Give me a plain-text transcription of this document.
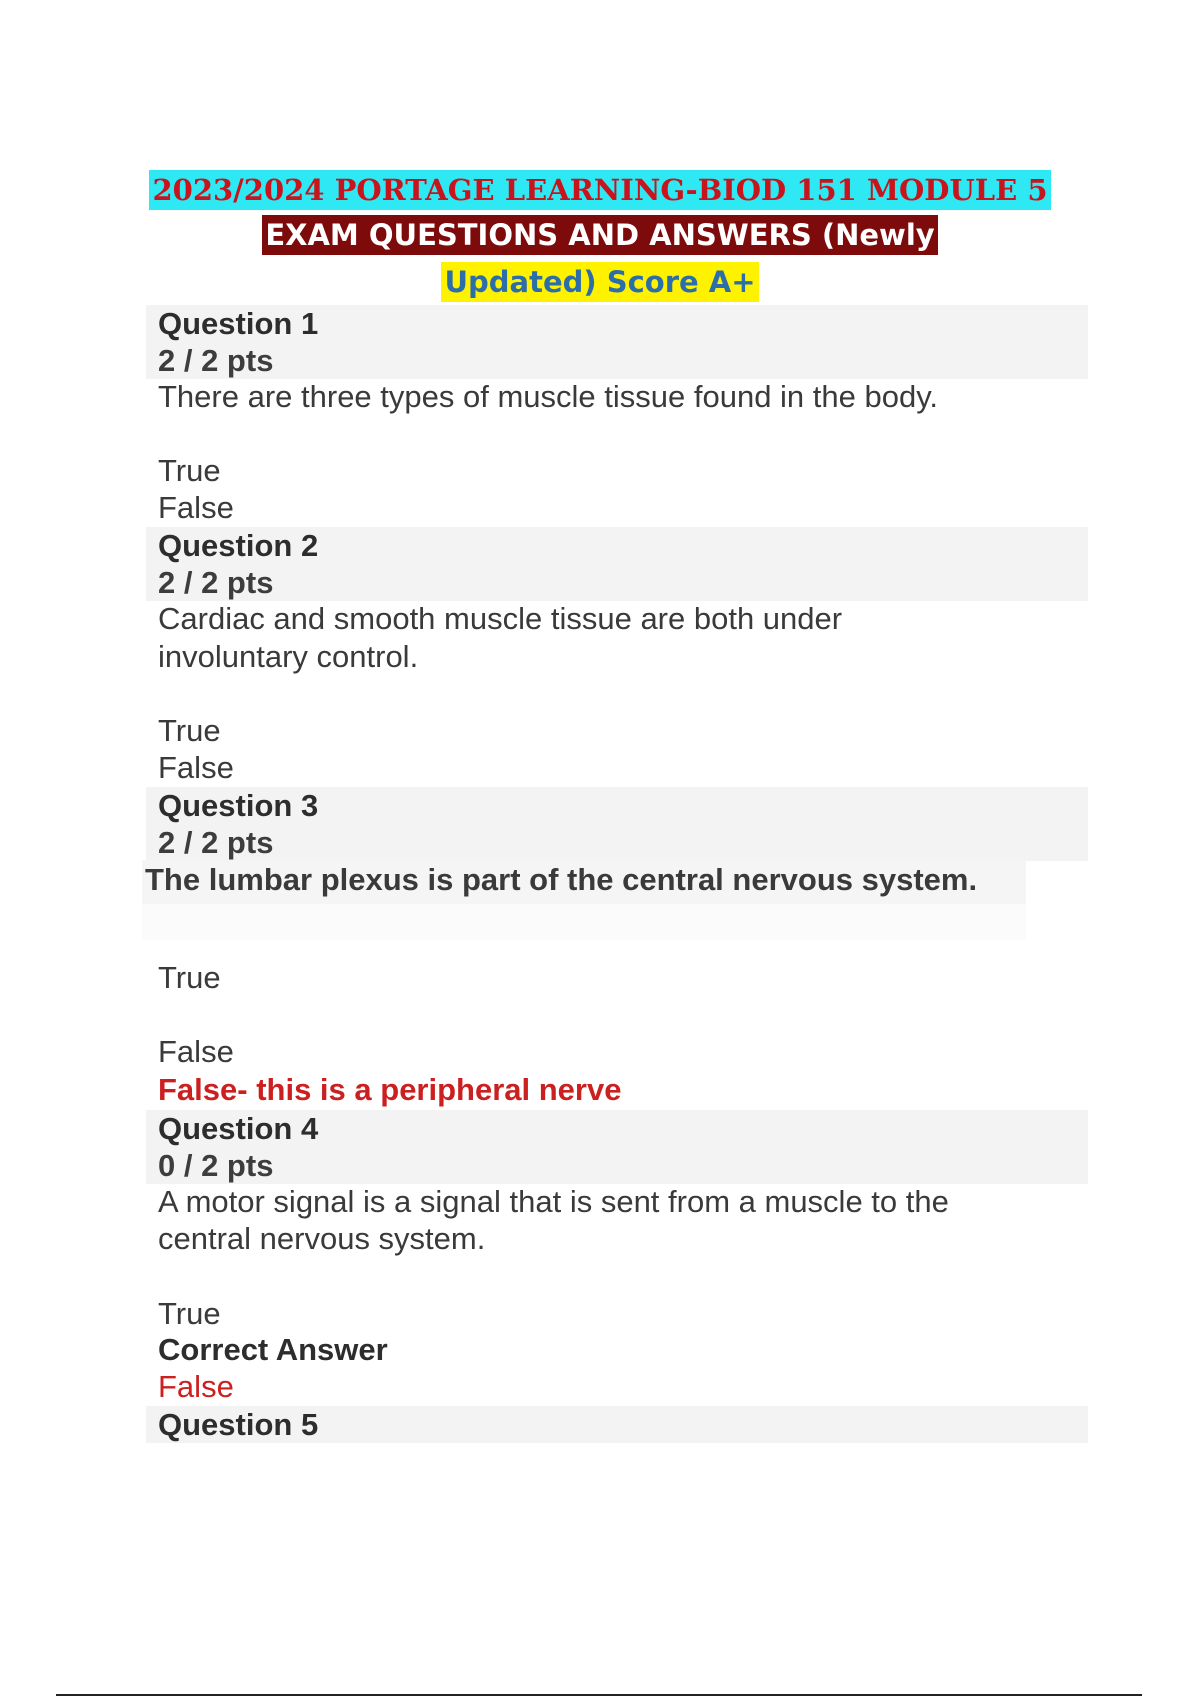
2023/2024 PORTAGE LEARNING-BIOD 151 MODULE 5
EXAM QUESTIONS AND ANSWERS (Newly
Updated) Score A+
Question 1
2 / 2 pts
There are three types of muscle tissue found in the body.
True
False
Question 2
2 / 2 pts
Cardiac and smooth muscle tissue are both under
involuntary control.
True
False
Question 3
2 / 2 pts
The lumbar plexus is part of the central nervous system.
True
False
False- this is a peripheral nerve
Question 4
0 / 2 pts
A motor signal is a signal that is sent from a muscle to the
central nervous system.
True
Correct Answer
False
Question 5
